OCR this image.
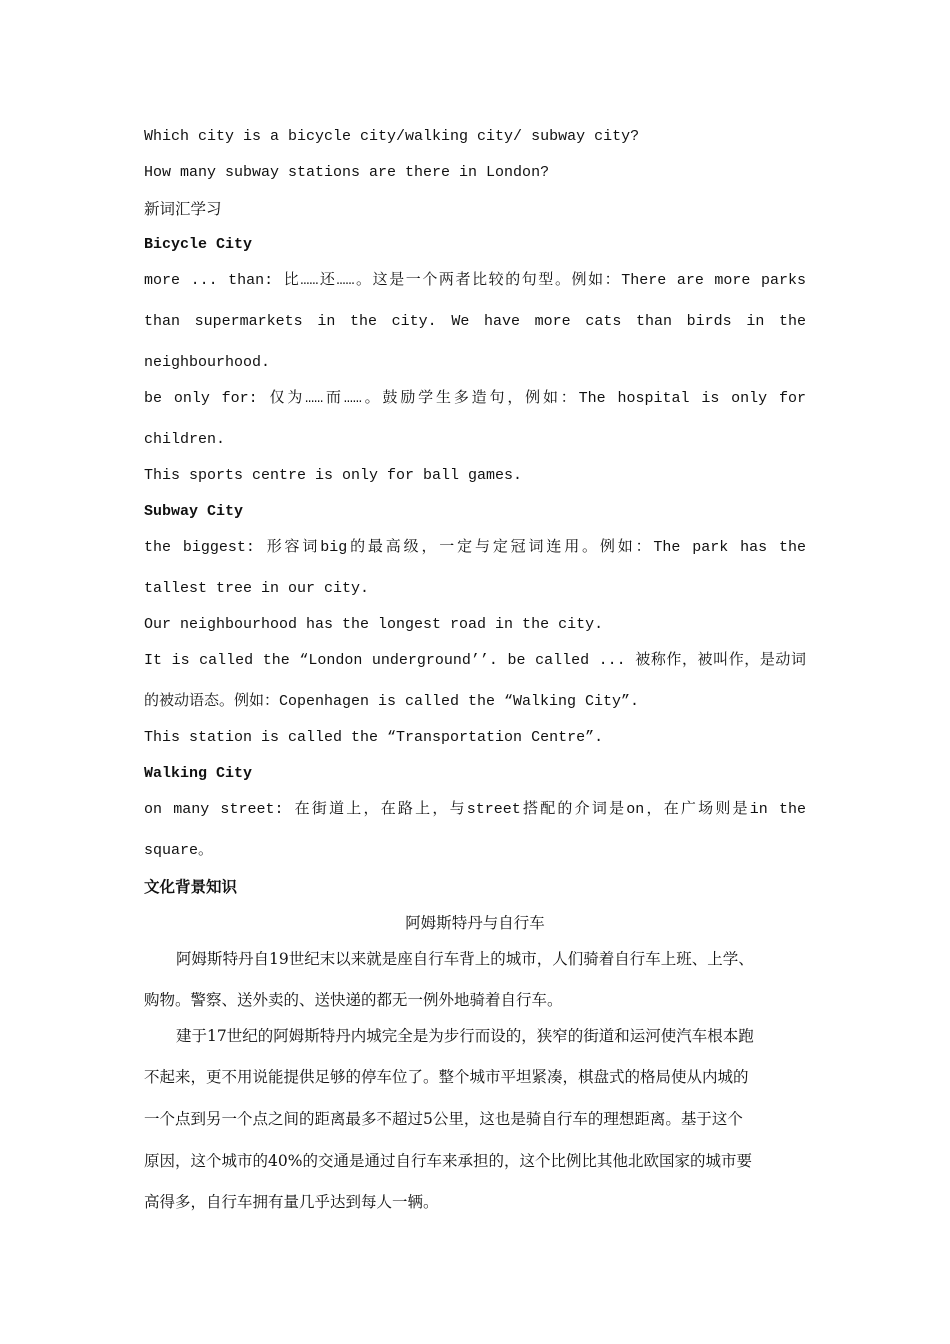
Which city is a bicycle city/walking city/ subway city?
How many subway stations are there in London?
新词汇学习
Bicycle City
more ... than: 比……还……。这是一个两者比较的句型。例如：There are more parks
than supermarkets in the city. We have more cats than birds in the
neighbourhood.
be only for: 仅为……而……。鼓励学生多造句，例如：The hospital is only for
children.
This sports centre is only for ball games.
Subway City
the biggest: 形容词big的最高级，一定与定冠词连用。例如：The park has the
tallest tree in our city.
Our neighbourhood has the longest road in the city.
It is called the “London underground’’. be called ... 被称作，被叫作，是动词
的被动语态。例如：Copenhagen is called the “Walking City”.
This station is called the “Transportation Centre”.
Walking City
on many street: 在街道上，在路上，与street搭配的介词是on，在广场则是in the
square。
文化背景知识
阿姆斯特丹与自行车
阿姆斯特丹自19世纪末以来就是座自行车背上的城市，人们骑着自行车上班、上学、
购物。警察、送外卖的、送快递的都无一例外地骑着自行车。
建于17世纪的阿姆斯特丹内城完全是为步行而设的，狭窄的街道和运河使汽车根本跑
不起来，更不用说能提供足够的停车位了。整个城市平坦紧凑，棋盘式的格局使从内城的
一个点到另一个点之间的距离最多不超过5公里，这也是骑自行车的理想距离。基于这个
原因，这个城市的40%的交通是通过自行车来承担的，这个比例比其他北欧国家的城市要
高得多，自行车拥有量几乎达到每人一辆。
